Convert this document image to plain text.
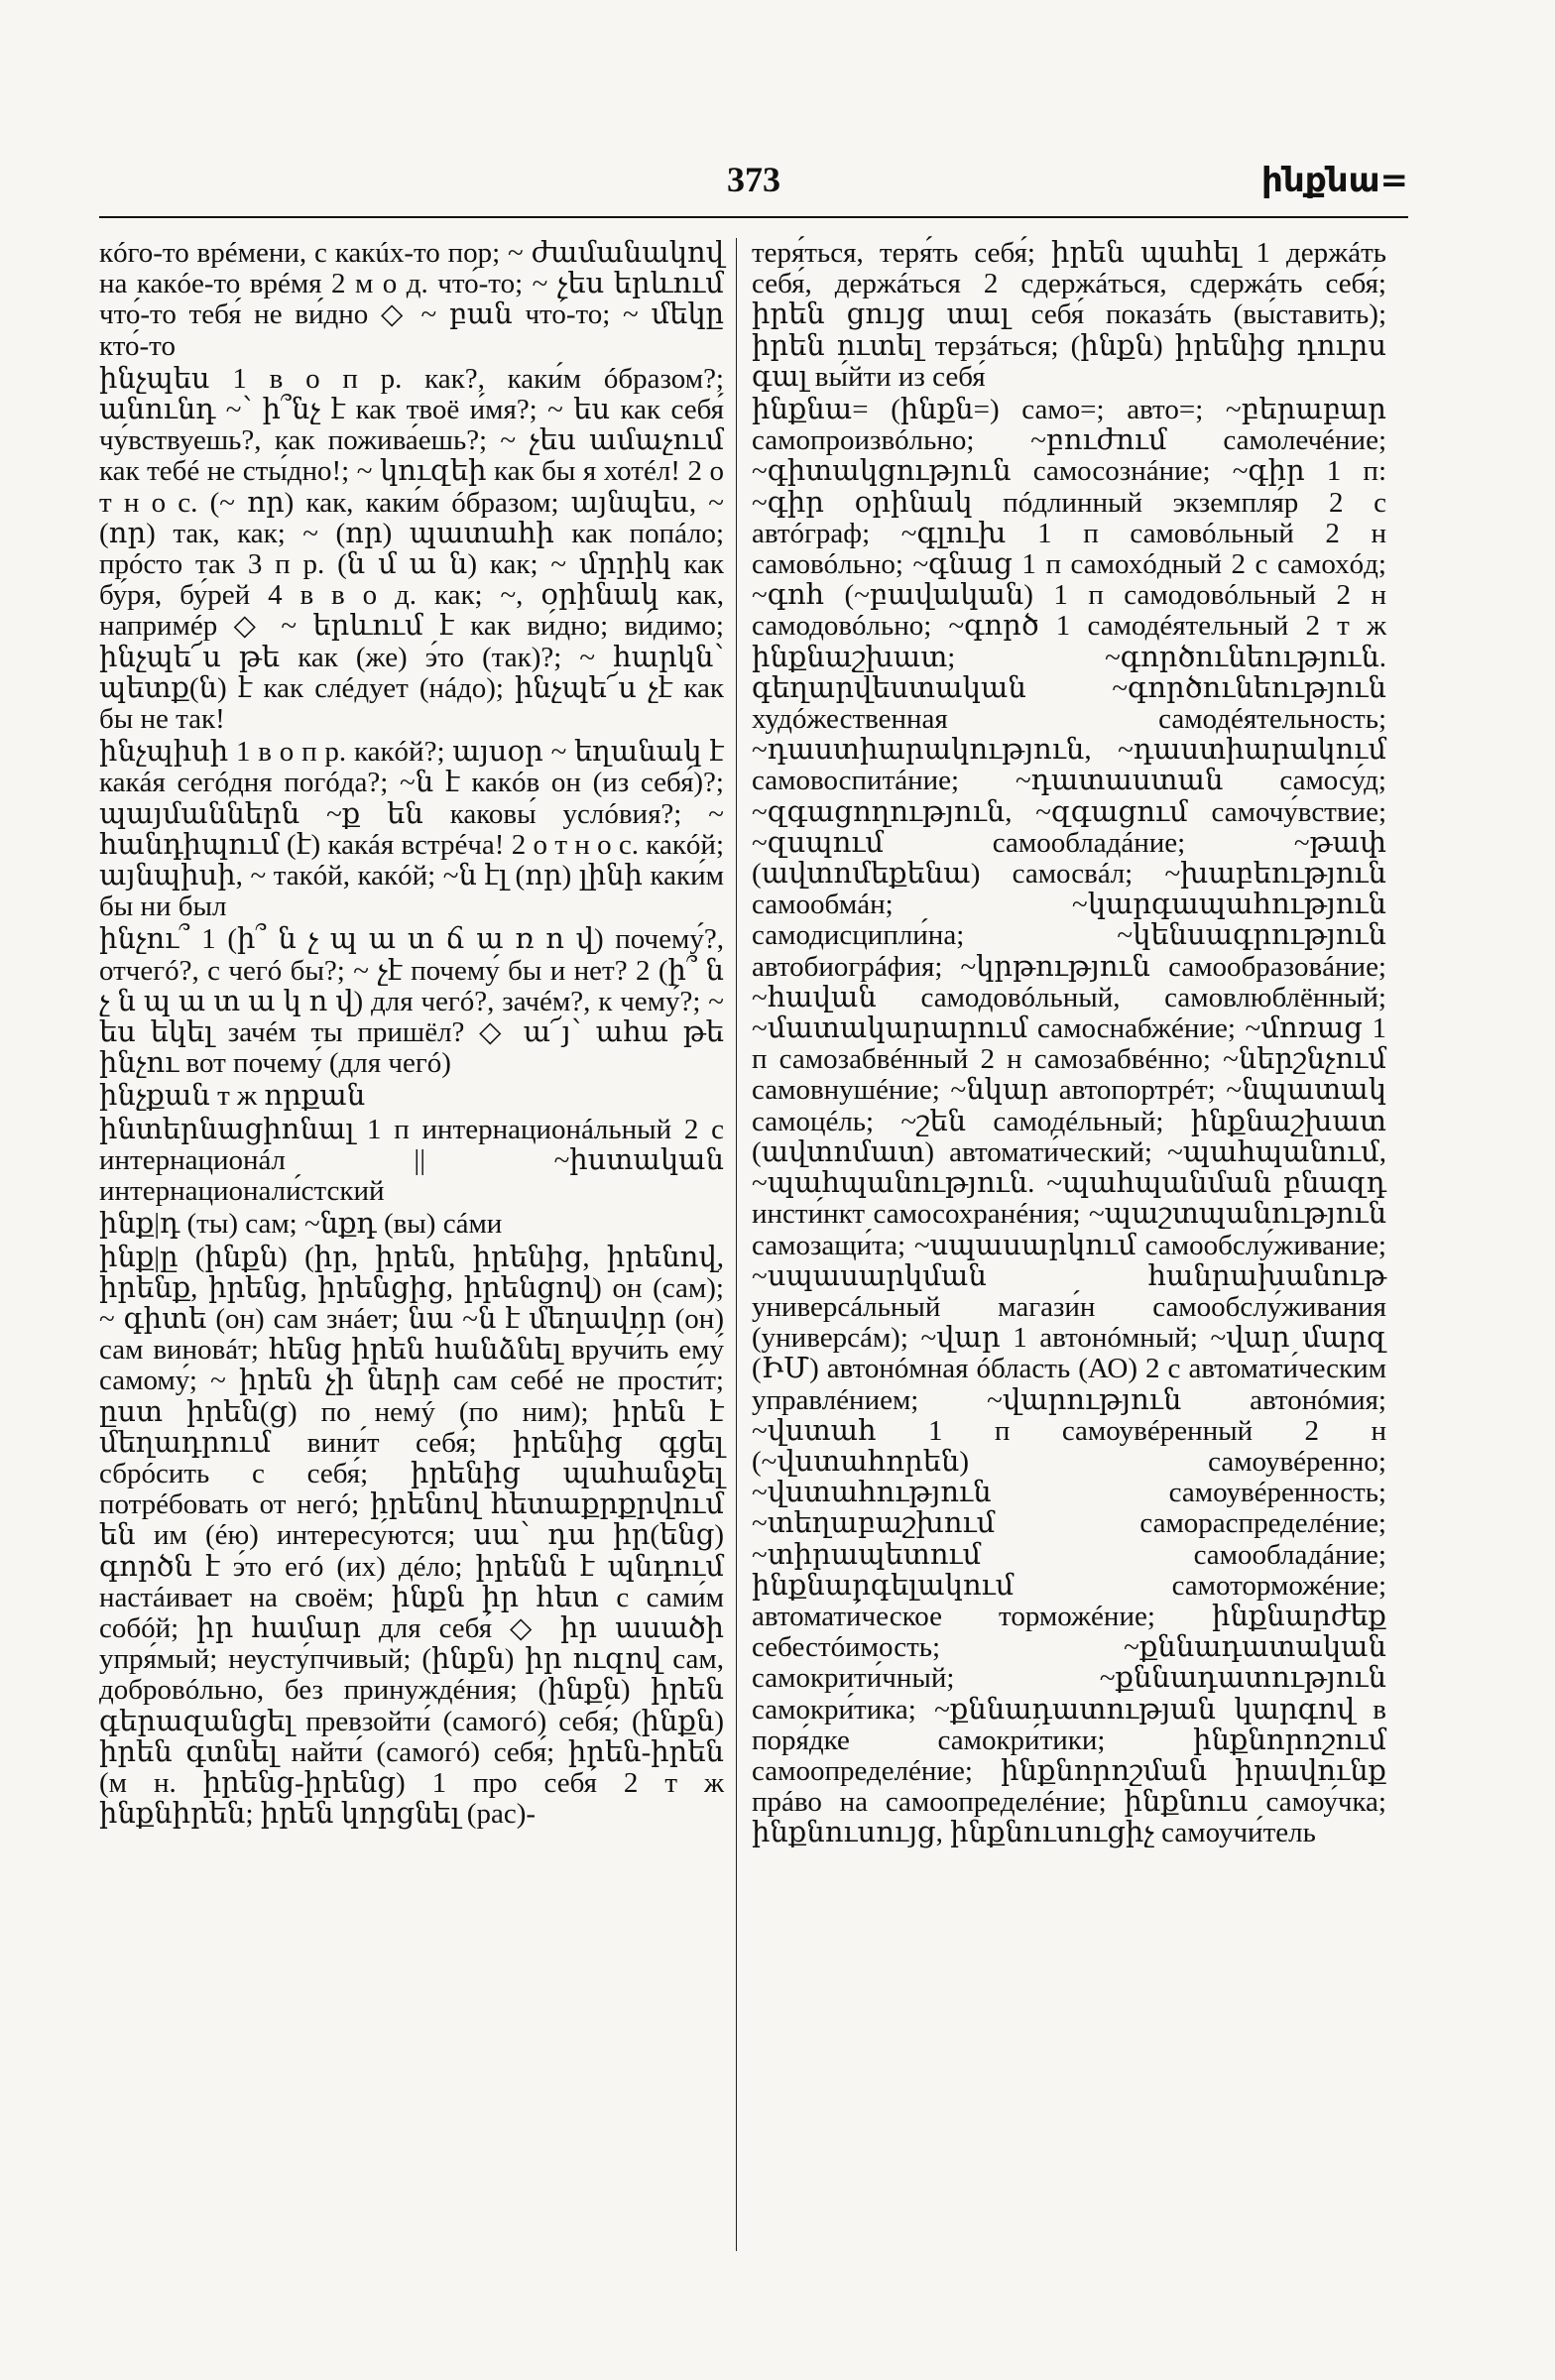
373	ինքնա=

кóго-то врéмени, с какúх-то пор; ~ ժամանակով на какóе-то врéмя 2 м о д. что́-то; ~ չես երևում что́-то тебя́ не ви́дно ◇ ~ բան что́-то; ~ մեկը кто́-то

ինչպես 1 в о п р. как?, каки́м óбразом?; անունդ ~՝ ի՞նչ է как твоё и́мя?; ~ ես как себя́ чу́вствуешь?, как пожива́ешь?; ~ չես ամաչում как тебé не сты́дно!; ~ կուզեի как бы я хотéл! 2 о т н о с. (~ որ) как, каки́м óбразом; այնպես, ~ (որ) так, как; ~ (որ) պատահի как попáло; прóсто так 3 п р. (ն մ ա ն) как; ~ մրրիկ как бу́ря, бу́рей 4 в в о д. как; ~, օրինակ как, напримéр ◇ ~ երևում է как ви́дно; ви́димо; ինչպե՜ս թե как (же) э́то (так)?; ~ հարկն՝ պետք(ն) է как слéдует (нáдо); ինչպե՜ս չէ как бы не так!

ինչպիսի 1 в о п р. какóй?; այսօր ~ եղանակ է какáя сегóдня погóда?; ~ն է какóв он (из себя́)?; պայմաններն ~ք են каковы́ услóвия?; ~ հանդիպում (է) какáя встрéча! 2 о т н о с. какóй; այնպիսի, ~ такóй, какóй; ~ն էլ (որ) լինի каки́м бы ни был

ինչու՞ 1 (ի՞ ն չ պ ա տ ճ ա ռ ո վ) почему́?, отчегó?, с чегó бы?; ~ չէ почему́ бы и нет? 2 (ի՞ ն չ ն պ ա տ ա կ ո վ) для чегó?, зачéм?, к чему́?; ~ ես եկել зачéм ты пришёл? ◇ ա՜յ՝ ահա թե ինչու вот почему́ (для чегó)

ինչքան т ж որքան

ինտերնացիոնալ 1 п интернационáльный 2 с интернационáл || ~իստական интернационали́стский

ինք|դ (ты) сам; ~նքդ (вы) сáми

ինք|ը (ինքն) (իր, իրեն, իրենից, իրենով, իրենք, իրենց, իրենցից, իրենցով) он (сам); ~ գիտե (он) сам знáет; նա ~ն է մեղավոր (он) сам винoвáт; հենց իրեն հանձնել вручи́ть ему́ самому́; ~ իրեն չի ների сам себé не прости́т; ըստ իրեն(ց) по немý (по ним); իրեն է մեղադրում вини́т себя́; իրենից գցել сбрóсить с себя́; իրենից պահանջել потрéбовать от негó; իրենով հետաքրքրվում են им (éю) интересу́ются; սա՝ դա իր(ենց) գործն է э́то егó (их) дéло; իրենն է պնդում настáивает на своём; ինքն իր հետ с сами́м собóй; իր համար для себя́ ◇ իր ասածի упря́мый; неусту́пчивый; (ինքն) իր ուզով сам, добровóльно, без принуждéния; (ինքն) իրեն գերազանցել превзойти́ (самогó) себя́; (ինքն) իրեն գտնել найти́ (самогó) себя́; իրեն-իրեն (м н. իրենց-իրենց) 1 про себя́ 2 т ж ինքնիրեն; իրեն կորցնել (рас)-

теря́ться, теря́ть себя́; իրեն պահել 1 держáть себя́, держáться 2 сдержáться, сдержáть себя́; իրեն ցույց տալ себя́ показáть (вы́ставить); իրեն ուտել терзáться; (ինքն) իրենից դուրս գալ вы́йти из себя́

ինքնա= (ինքն=) само=; авто=; ~բերաբար самопроизвóльно; ~բուժում самолечéние; ~գիտակցություն самосознáние; ~գիր 1 п: ~գիր օրինակ пóдлинный экземпля́р 2 с автóграф; ~գլուխ 1 п самовóльный 2 н самовóльно; ~գնաց 1 п самохóдный 2 с самохóд; ~գոհ (~բավական) 1 п самодовóльный 2 н самодовóльно; ~գործ 1 самодéятельный 2 т ж ինքնաշխատ; ~գործունեություն. գեղարվեստական ~գործունեություն худóжественная самодéятельность; ~դաստիարակություն, ~դաստիարակում самовоспитáние; ~դատաստան самосу́д; ~զգացողություն, ~զգացում самочу́вствие; ~զսպում самообладáние; ~թափ (ավտոմեքենա) самосвáл; ~խաբեություն самообмáн; ~կարգապահություն самодисципли́на; ~կենսագրություն автобиогрáфия; ~կրթություն самообразовáние; ~հավան самодовóльный, самовлюблённый; ~մատակարարում самоснабжéние; ~մոռաց 1 п самозабвéнный 2 н самозабвéнно; ~ներշնչում самовнушéние; ~նկար автопортрéт; ~նպատակ самоцéль; ~շեն самодéльный; ինքնաշխատ (ավտոմատ) автомати́ческий; ~պահպանում, ~պահպանություն. ~պահպանման բնազդ инсти́нкт самосохранéния; ~պաշտպանություն самозащи́та; ~սպասարկում самообслу́живание; ~սպասարկման հանրախանութ универсáльный магази́н самообслу́живания (универсáм); ~վար 1 автонóмный; ~վար մարզ (ԻՄ) автонóмная óбласть (АО) 2 с автомати́ческим управлéнием; ~վարություն автонóмия; ~վստահ 1 п самоувéренный 2 н (~վստահորեն) самоувéренно; ~վստահություն самоувéренность; ~տեղաբաշխում самораспределéние; ~տիրապետում самообладáние; ինքնարգելակում самоторможéние; автомати́ческое торможéние; ինքնարժեք себестóимость; ~քննադատական самокрити́чный; ~քննադատություն самокри́тика; ~քննադատության կարգով в поря́дке самокри́тики; ինքնորոշում самоопределéние; ինքնորոշման իրավունք прáво на самоопределéние; ինքնուս самоу́чка; ինքնուսույց, ինքնուսուցիչ самоучи́тель
